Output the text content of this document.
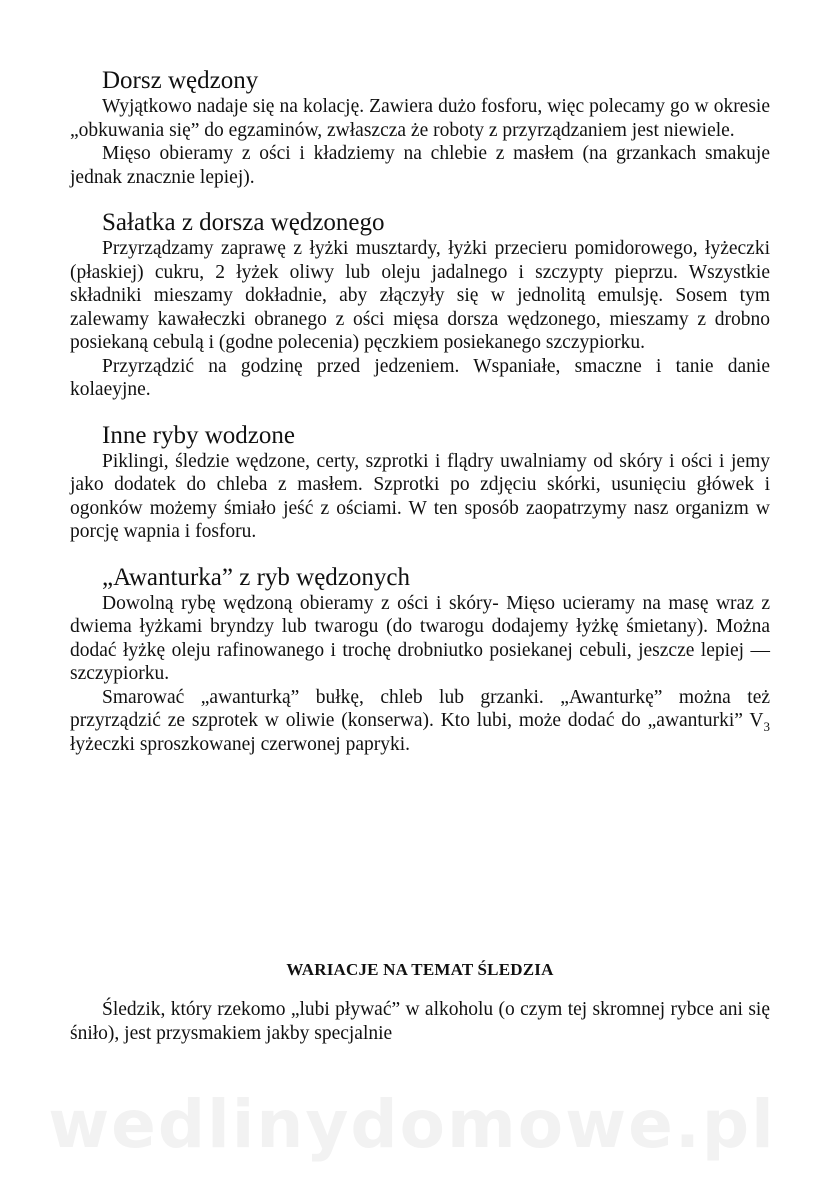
Dorsz wędzony

Wyjątkowo nadaje się na kolację. Zawiera dużo fosforu, więc polecamy go w okresie „obkuwania się” do egzaminów, zwłaszcza że roboty z przyrządzaniem jest niewiele.

Mięso obieramy z ości i kładziemy na chlebie z masłem (na grzankach smakuje jednak znacznie lepiej).

Sałatka z dorsza wędzonego

Przyrządzamy zaprawę z łyżki musztardy, łyżki przecieru pomidorowego, łyżeczki (płaskiej) cukru, 2 łyżek oliwy lub oleju jadalnego i szczypty pieprzu. Wszystkie składniki mieszamy dokładnie, aby złączyły się w jednolitą emulsję. Sosem tym zalewamy kawałeczki obranego z ości mięsa dorsza wędzonego, mieszamy z drobno posiekaną cebulą i (godne polecenia) pęczkiem posiekanego szczypiorku.

Przyrządzić na godzinę przed jedzeniem. Wspaniałe, smaczne i tanie danie kolaeyjne.

Inne ryby wodzone

Piklingi, śledzie wędzone, certy, szprotki i flądry uwalniamy od skóry i ości i jemy jako dodatek do chleba z masłem. Szprotki po zdjęciu skórki, usunięciu główek i ogonków możemy śmiało jeść z ościami. W ten sposób zaopatrzymy nasz organizm w porcję wapnia i fosforu.

„Awanturka” z ryb wędzonych

Dowolną rybę wędzoną obieramy z ości i skóry- Mięso ucieramy na masę wraz z dwiema łyżkami bryndzy lub twarogu (do twarogu dodajemy łyżkę śmietany). Można dodać łyżkę oleju rafinowanego i trochę drobniutko posiekanej cebuli, jeszcze lepiej — szczypiorku.

Smarować „awanturką” bułkę, chleb lub grzanki. „Awanturkę” można też przyrządzić ze szprotek w oliwie (konserwa). Kto lubi, może dodać do „awanturki” $V_3$ łyżeczki sproszkowanej czerwonej papryki.

WARIACJE NA TEMAT ŚLEDZIA

Śledzik, który rzekomo „lubi pływać” w alkoholu (o czym tej skromnej rybce ani się śniło), jest przysmakiem jakby specjalnie

wedlinydomowe.pl
